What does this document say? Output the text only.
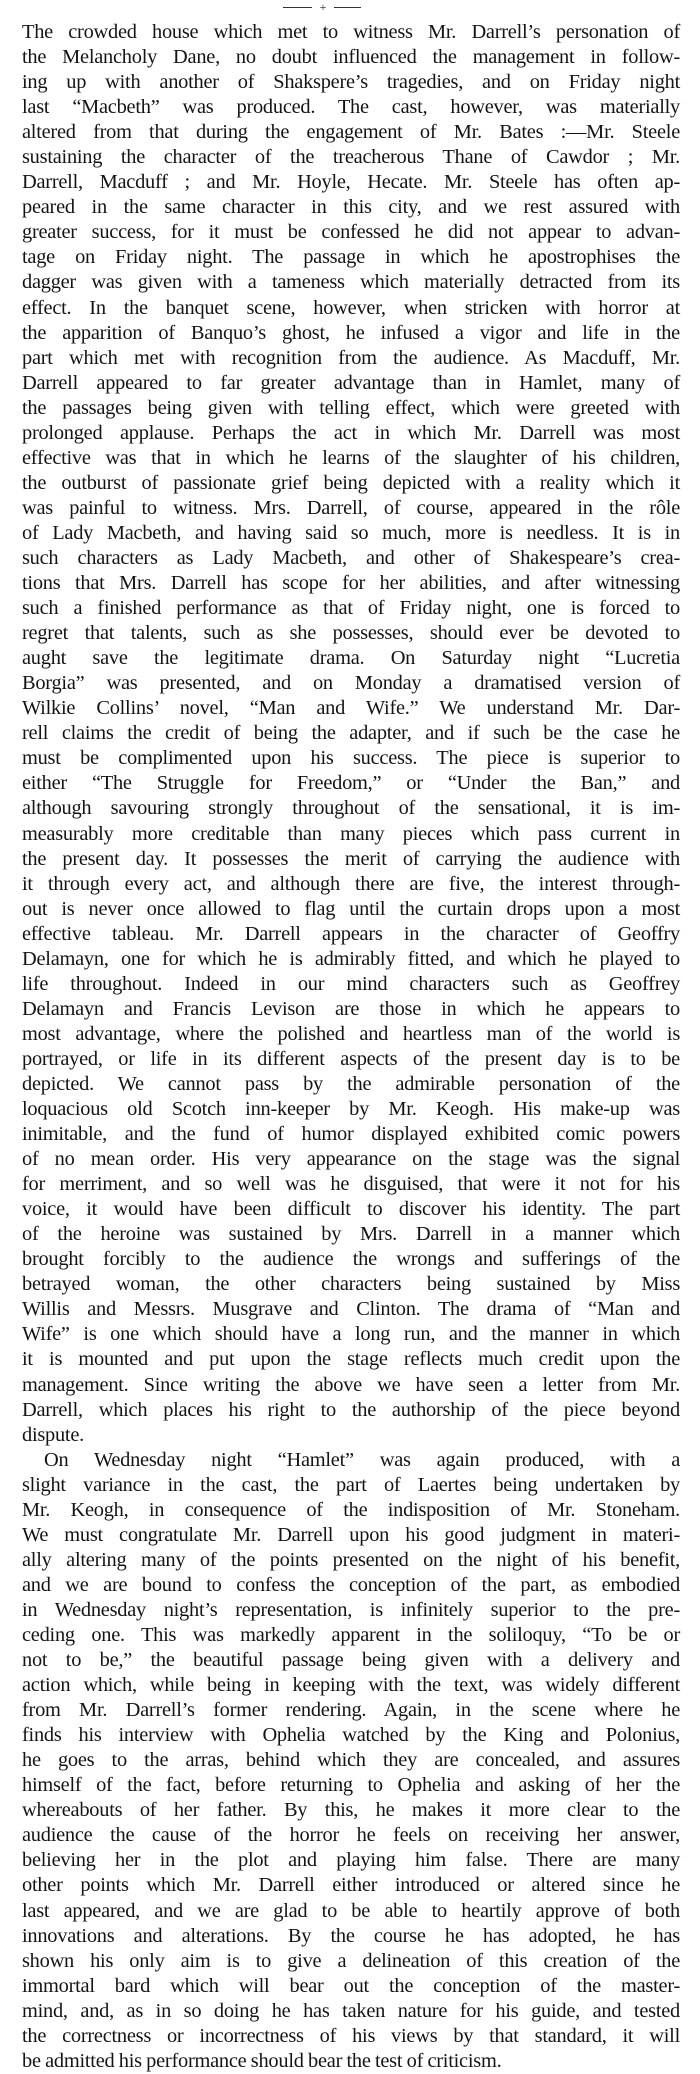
+
The crowded house which met to witness Mr. Darrell’s personation of
the Melancholy Dane, no doubt influenced the management in follow-
ing up with another of Shakspere’s tragedies, and on Friday night
last “Macbeth” was produced. The cast, however, was materially
altered from that during the engagement of Mr. Bates :—Mr. Steele
sustaining the character of the treacherous Thane of Cawdor ; Mr.
Darrell, Macduff ; and Mr. Hoyle, Hecate. Mr. Steele has often ap-
peared in the same character in this city, and we rest assured with
greater success, for it must be confessed he did not appear to advan-
tage on Friday night. The passage in which he apostrophises the
dagger was given with a tameness which materially detracted from its
effect. In the banquet scene, however, when stricken with horror at
the apparition of Banquo’s ghost, he infused a vigor and life in the
part which met with recognition from the audience. As Macduff, Mr.
Darrell appeared to far greater advantage than in Hamlet, many of
the passages being given with telling effect, which were greeted with
prolonged applause. Perhaps the act in which Mr. Darrell was most
effective was that in which he learns of the slaughter of his children,
the outburst of passionate grief being depicted with a reality which it
was painful to witness. Mrs. Darrell, of course, appeared in the rôle
of Lady Macbeth, and having said so much, more is needless. It is in
such characters as Lady Macbeth, and other of Shakespeare’s crea-
tions that Mrs. Darrell has scope for her abilities, and after witnessing
such a finished performance as that of Friday night, one is forced to
regret that talents, such as she possesses, should ever be devoted to
aught save the legitimate drama. On Saturday night “Lucretia
Borgia” was presented, and on Monday a dramatised version of
Wilkie Collins’ novel, “Man and Wife.” We understand Mr. Dar-
rell claims the credit of being the adapter, and if such be the case he
must be complimented upon his success. The piece is superior to
either “The Struggle for Freedom,” or “Under the Ban,” and
although savouring strongly throughout of the sensational, it is im-
measurably more creditable than many pieces which pass current in
the present day. It possesses the merit of carrying the audience with
it through every act, and although there are five, the interest through-
out is never once allowed to flag until the curtain drops upon a most
effective tableau. Mr. Darrell appears in the character of Geoffry
Delamayn, one for which he is admirably fitted, and which he played to
life throughout. Indeed in our mind characters such as Geoffrey
Delamayn and Francis Levison are those in which he appears to
most advantage, where the polished and heartless man of the world is
portrayed, or life in its different aspects of the present day is to be
depicted. We cannot pass by the admirable personation of the
loquacious old Scotch inn-keeper by Mr. Keogh. His make-up was
inimitable, and the fund of humor displayed exhibited comic powers
of no mean order. His very appearance on the stage was the signal
for merriment, and so well was he disguised, that were it not for his
voice, it would have been difficult to discover his identity. The part
of the heroine was sustained by Mrs. Darrell in a manner which
brought forcibly to the audience the wrongs and sufferings of the
betrayed woman, the other characters being sustained by Miss
Willis and Messrs. Musgrave and Clinton. The drama of “Man and
Wife” is one which should have a long run, and the manner in which
it is mounted and put upon the stage reflects much credit upon the
management. Since writing the above we have seen a letter from Mr.
Darrell, which places his right to the authorship of the piece beyond
dispute.
On Wednesday night “Hamlet” was again produced, with a
slight variance in the cast, the part of Laertes being undertaken by
Mr. Keogh, in consequence of the indisposition of Mr. Stoneham.
We must congratulate Mr. Darrell upon his good judgment in materi-
ally altering many of the points presented on the night of his benefit,
and we are bound to confess the conception of the part, as embodied
in Wednesday night’s representation, is infinitely superior to the pre-
ceding one. This was markedly apparent in the soliloquy, “To be or
not to be,” the beautiful passage being given with a delivery and
action which, while being in keeping with the text, was widely different
from Mr. Darrell’s former rendering. Again, in the scene where he
finds his interview with Ophelia watched by the King and Polonius,
he goes to the arras, behind which they are concealed, and assures
himself of the fact, before returning to Ophelia and asking of her the
whereabouts of her father. By this, he makes it more clear to the
audience the cause of the horror he feels on receiving her answer,
believing her in the plot and playing him false. There are many
other points which Mr. Darrell either introduced or altered since he
last appeared, and we are glad to be able to heartily approve of both
innovations and alterations. By the course he has adopted, he has
shown his only aim is to give a delineation of this creation of the
immortal bard which will bear out the conception of the master-
mind, and, as in so doing he has taken nature for his guide, and tested
the correctness or incorrectness of his views by that standard, it will
be admitted his performance should bear the test of criticism.
